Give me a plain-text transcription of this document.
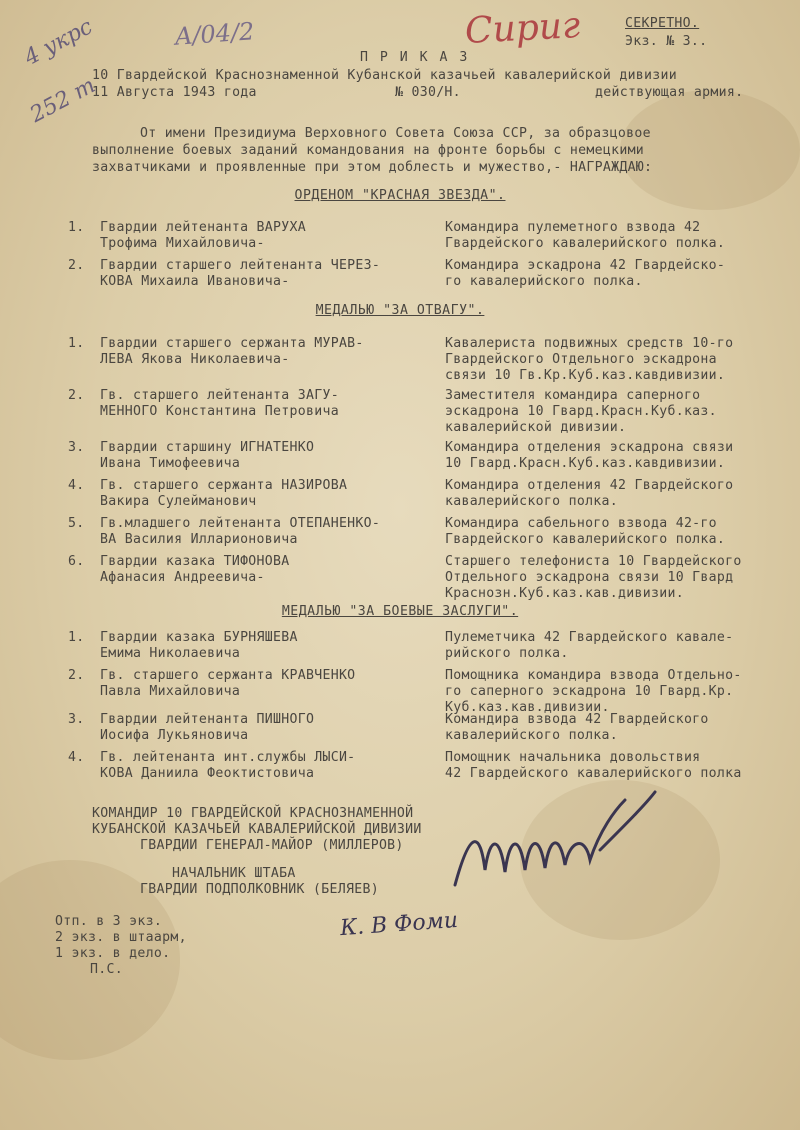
4 укрс
252 т
A/04/2	Сириг	СЕКРЕТНО.
Экз. № 3..
П Р И К А З
10 Гвардейской Краснознаменной Кубанской казачьей кавалерийской дивизии
11 Августа 1943 года	№ 030/Н.	действующая армия.
От имени Президиума Верховного Совета Союза ССР, за образцовое
выполнение боевых заданий командования на фронте борьбы с немецкими
захватчиками и проявленные при этом доблесть и мужество,- НАГРАЖДАЮ:
ОРДЕНОМ "КРАСНАЯ ЗВЕЗДА".
1. Гвардии лейтенанта ВАРУХА
Трофима Михайловича-
Командира пулеметного взвода 42
Гвардейского кавалерийского полка.
2. Гвардии старшего лейтенанта ЧЕРЕЗ-
КОВА Михаила Ивановича-
Командира эскадрона 42 Гвардейско-
го кавалерийского полка.
МЕДАЛЬЮ "ЗА ОТВАГУ".
1. Гвардии старшего сержанта МУРАВ-
ЛЕВА Якова Николаевича-
Кавалериста подвижных средств 10-го
Гвардейского Отдельного эскадрона
связи 10 Гв.Кр.Куб.каз.кавдивизии.
2. Гв. старшего лейтенанта ЗАГУ-
МЕННОГО Константина Петровича
Заместителя командира саперного
эскадрона 10 Гвард.Красн.Куб.каз.
кавалерийской дивизии.
3. Гвардии старшину ИГНАТЕНКО
Ивана Тимофеевича
Командира отделения эскадрона связи
10 Гвард.Красн.Куб.каз.кавдивизии.
4. Гв. старшего сержанта НАЗИРОВА
Вакира Сулейманович
Командира отделения 42 Гвардейского
кавалерийского полка.
5. Гв.младшего лейтенанта ОТЕПАНЕНКО-
ВА Василия Илларионовича
Командира сабельного взвода 42-го
Гвардейского кавалерийского полка.
6. Гвардии казака ТИФОНОВА
Афанасия Андреевича-
Старшего телефониста 10 Гвардейского
Отдельного эскадрона связи 10 Гвард
Краснозн.Куб.каз.кав.дивизии.
МЕДАЛЬЮ "ЗА БОЕВЫЕ ЗАСЛУГИ".
1. Гвардии казака БУРНЯШЕВА
Емима Николаевича
Пулеметчика 42 Гвардейского кавале-
рийского полка.
2. Гв. старшего сержанта КРАВЧЕНКО
Павла Михайловича
Помощника командира взвода Отдельно-
го саперного эскадрона 10 Гвард.Кр.
Куб.каз.кав.дивизии.
3. Гвардии лейтенанта ПИШНОГО
Иосифа Лукьяновича
Командира взвода 42 Гвардейского
кавалерийского полка.
4. Гв. лейтенанта инт.службы ЛЫСИ-
КОВА Даниила Феоктистовича
Помощник начальника довольствия
42 Гвардейского кавалерийского полка
КОМАНДИР 10 ГВАРДЕЙСКОЙ КРАСНОЗНАМЕННОЙ
КУБАНСКОЙ КАЗАЧЬЕЙ КАВАЛЕРИЙСКОЙ ДИВИЗИИ
ГВАРДИИ ГЕНЕРАЛ-МАЙОР (МИЛЛЕРОВ)
НАЧАЛЬНИК ШТАБА
ГВАРДИИ ПОДПОЛКОВНИК (БЕЛЯЕВ)
К. В Фоми
Отп. в 3 экз.
2 экз. в штаарм,
1 экз. в дело.
П.С.
